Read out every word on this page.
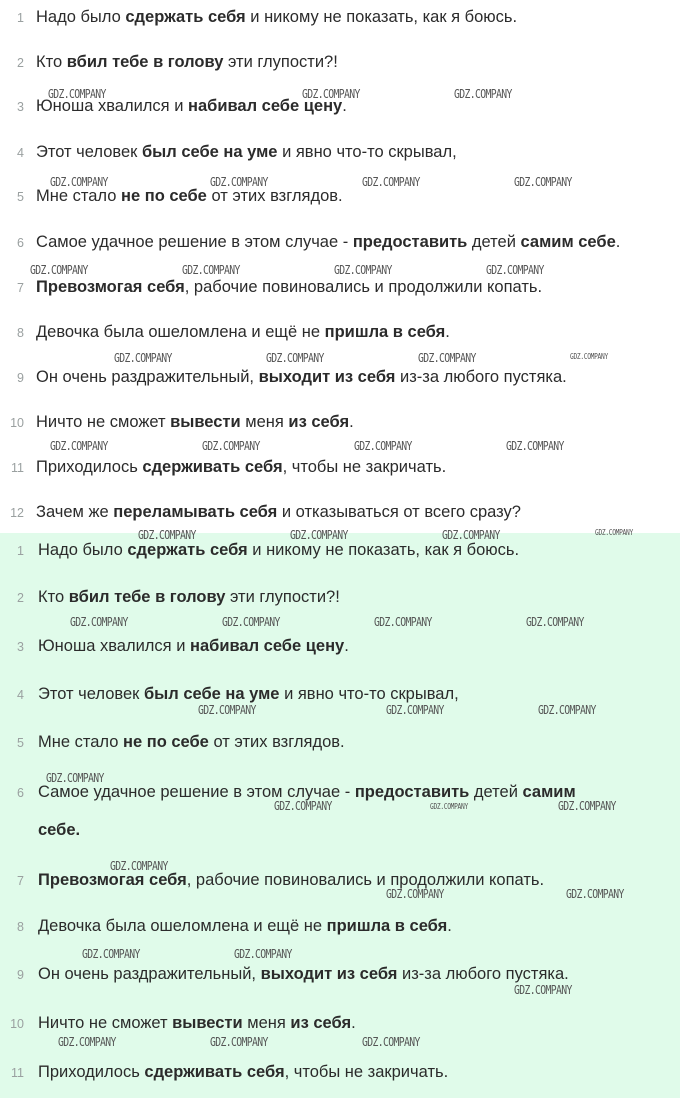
1 Надо было сдержать себя и никому не показать, как я боюсь.
2 Кто вбил тебе в голову эти глупости?!
3 Юноша хвалился и набивал себе цену.
4 Этот человек был себе на уме и явно что-то скрывал,
5 Мне стало не по себе от этих взглядов.
6 Самое удачное решение в этом случае - предоставить детей самим себе.
7 Превозмогая себя, рабочие повиновались и продолжили копать.
8 Девочка была ошеломлена и ещё не пришла в себя.
9 Он очень раздражительный, выходит из себя из-за любого пустяка.
10 Ничто не сможет вывести меня из себя.
11 Приходилось сдерживать себя, чтобы не закричать.
12 Зачем же переламывать себя и отказываться от всего сразу?
1 Надо было сдержать себя и никому не показать, как я боюсь.
2 Кто вбил тебе в голову эти глупости?!
3 Юноша хвалился и набивал себе цену.
4 Этот человек был себе на уме и явно что-то скрывал,
5 Мне стало не по себе от этих взглядов.
6 Самое удачное решение в этом случае - предоставить детей самим
себе.
7 Превозмогая себя, рабочие повиновались и продолжили копать.
8 Девочка была ошеломлена и ещё не пришла в себя.
9 Он очень раздражительный, выходит из себя из-за любого пустяка.
10 Ничто не сможет вывести меня из себя.
11 Приходилось сдерживать себя, чтобы не закричать.
GDZ.COMPANY	GDZ.COMPANY	GDZ.COMPANY
GDZ.COMPANY	GDZ.COMPANY	GDZ.COMPANY	GDZ.COMPANY
GDZ.COMPANY	GDZ.COMPANY	GDZ.COMPANY	GDZ.COMPANY
GDZ.COMPANY	GDZ.COMPANY	GDZ.COMPANY	GDZ.COMPANY
GDZ.COMPANY	GDZ.COMPANY	GDZ.COMPANY	GDZ.COMPANY
GDZ.COMPANY	GDZ.COMPANY	GDZ.COMPANY	GDZ.COMPANY
GDZ.COMPANY	GDZ.COMPANY	GDZ.COMPANY	GDZ.COMPANY
GDZ.COMPANY	GDZ.COMPANY	GDZ.COMPANY
GDZ.COMPANY
GDZ.COMPANY	GDZ.COMPANY	GDZ.COMPANY
GDZ.COMPANY
GDZ.COMPANY	GDZ.COMPANY
GDZ.COMPANY	GDZ.COMPANY
GDZ.COMPANY
GDZ.COMPANY	GDZ.COMPANY	GDZ.COMPANY
